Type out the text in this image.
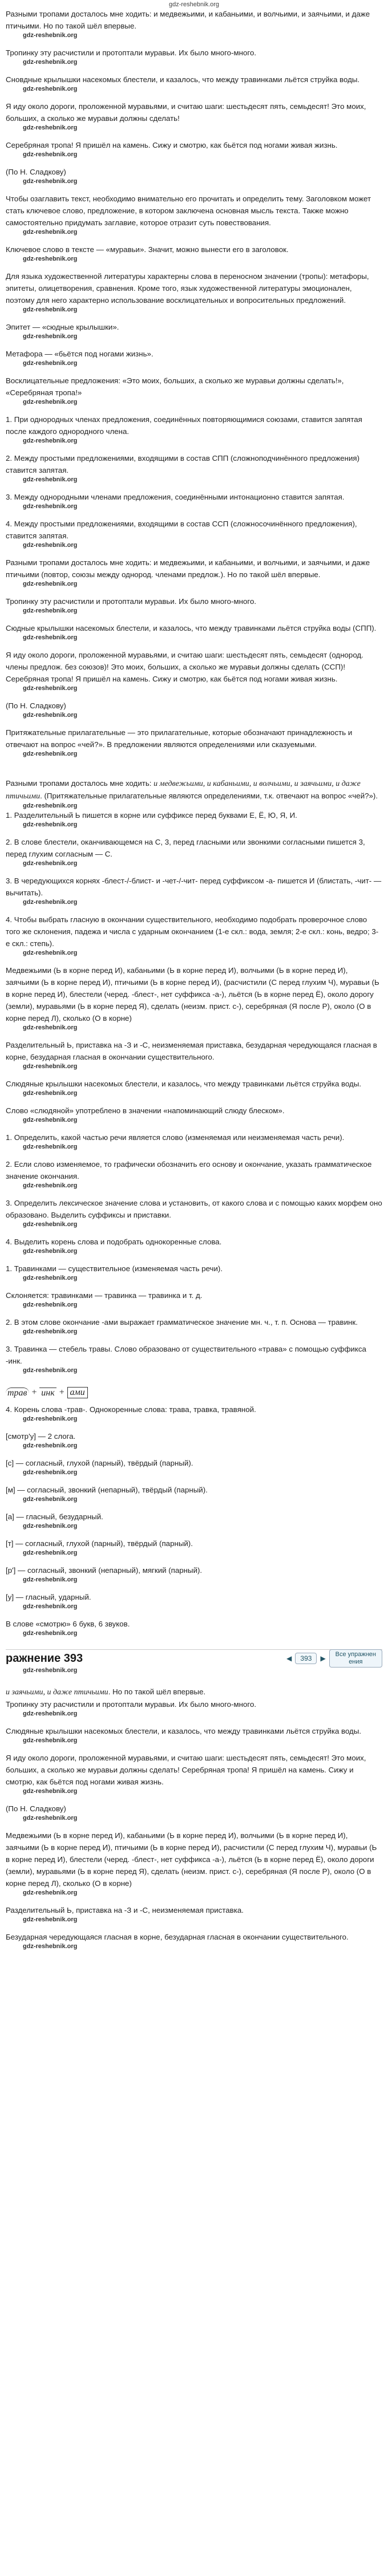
gdz-reshebnik.org

Разными тропами досталось мне ходить: и медвежьими, и кабаньими, и волчьими, и заячьими, и даже птичьими. Но по такой шёл впервые.

gdz-reshebnik.org

Тропинку эту расчистили и протоптали муравьи. Их было много-много.

gdz-reshebnik.org

Сновдные крылышки насекомых блестели, и казалось, что между травинками льётся струйка воды.

gdz-reshebnik.org

Я иду около дороги, проложенной муравьями, и считаю шаги: шестьдесят пять, семьдесят! Это моих, больших, а сколько же муравьи должны сделать!

gdz-reshebnik.org

Серебряная тропа! Я пришёл на камень. Сижу и смотрю, как бьётся под ногами живая жизнь.

gdz-reshebnik.org

(По Н. Сладкову)

gdz-reshebnik.org

Чтобы озаглавить текст, необходимо внимательно его прочитать и определить тему. Заголовком может стать ключевое слово, предложение, в котором заключена основная мысль текста. Также можно самостоятельно придумать заглавие, которое отразит суть повествования.

gdz-reshebnik.org

Ключевое слово в тексте — «муравьи». Значит, можно вынести его в заголовок.

gdz-reshebnik.org

Для языка художественной литературы характерны слова в переносном значении (тропы): метафоры, эпитеты, олицетворения, сравнения. Кроме того, язык художественной литературы эмоционален, поэтому для него характерно использование восклицательных и вопросительных предложений.

gdz-reshebnik.org

Эпитет — «сюдные крылышки».

gdz-reshebnik.org

Метафора — «бьётся под ногами жизнь».

gdz-reshebnik.org

Восклицательные предложения: «Это моих, больших, а сколько же муравьи должны сделать!», «Серебряная тропа!»

gdz-reshebnik.org

1. При однородных членах предложения, соединённых повторяющимися союзами, ставится запятая после каждого однородного члена.

gdz-reshebnik.org

2. Между простыми предложениями, входящими в состав СПП (сложноподчинённого предложения) ставится запятая.

gdz-reshebnik.org

3. Между однородными членами предложения, соединёнными интонационно ставится запятая.

gdz-reshebnik.org

4. Между простыми предложениями, входящими в состав ССП (сложносочинённого предложения), ставится запятая.

gdz-reshebnik.org

Разными тропами досталось мне ходить: и медвежьими, и кабаньими, и волчьими, и заячьими, и даже птичьими (повтор, союзы между однород. членами предлож.). Но по такой шёл впервые.

gdz-reshebnik.org

Тропинку эту расчистили и протоптали муравьи. Их было много-много.

gdz-reshebnik.org

Сюдные крылышки насекомых блестели, и казалось, что между травинками льётся струйка воды (СПП).

gdz-reshebnik.org

Я иду около дороги, проложенной муравьями, и считаю шаги: шестьдесят пять, семьдесят (однород. члены предлож. без союзов)! Это моих, больших, а сколько же муравьи должны сделать (ССП)! Серебряная тропа! Я пришёл на камень. Сижу и смотрю, как бьётся под ногами живая жизнь.

gdz-reshebnik.org

(По Н. Сладкову)

gdz-reshebnik.org

Притяжательные прилагательные — это прилагательные, которые обозначают принадлежность и отвечают на вопрос «чей?». В предложении являются определениями или сказуемыми.

gdz-reshebnik.org

Разными тропами досталось мне ходить: и медвежьими, и кабаньими, и волчьими, и заячьими, и даже птичьими. (Притяжательные прилагательные являются определениями, т.к. отвечают на вопрос «чей?»).

gdz-reshebnik.org

1. Разделительный Ь пишется в корне или суффиксе перед буквами Е, Ё, Ю, Я, И.

gdz-reshebnik.org

2. В слове блестели, оканчивающемся на С, 3, перед гласными или звонкими согласными пишется 3, перед глухим согласным — С.

gdz-reshebnik.org

3. В чередующихся корнях -блест-/-блист- и -чет-/-чит- перед суффиксом -а- пишется И (блистать, -чит- — вычитать).

gdz-reshebnik.org

4. Чтобы выбрать гласную в окончании существительного, необходимо подобрать проверочное слово того же склонения, падежа и числа с ударным окончанием (1-е скл.: вода, земля; 2-е скл.: конь, ведро; 3-е скл.: степь).

gdz-reshebnik.org

Медвежьими (Ь в корне перед И), кабаньими (Ь в корне перед И), волчьими (Ь в корне перед И), заячьими (Ь в корне перед И), птичьими (Ь в корне перед И), (расчистили (С перед глухим Ч), муравьи (Ь в корне перед И), блестели (черед. -блест-, нет суффикса -а-), льётся (Ь в корне перед Ё), около дорогу (земли), муравьями (Ь в корне перед Я), сделать (неизм. прист. с-), серебряная (Я после Р), около (О в корне перед Л), сколько (О в корне)

gdz-reshebnik.org

Разделительный Ь, приставка на -З и -С, неизменяемая приставка, безударная чередующаяся гласная в корне, безударная гласная в окончании существительного.

gdz-reshebnik.org

Слюдяные крылышки насекомых блестели, и казалось, что между травинками льётся струйка воды.

gdz-reshebnik.org

Слово «слюдяной» употреблено в значении «напоминающий слюду блеском».

gdz-reshebnik.org

1. Определить, какой частью речи является слово (изменяемая или неизменяемая часть речи).

gdz-reshebnik.org

2. Если слово изменяемое, то графически обозначить его основу и окончание, указать грамматическое значение окончания.

gdz-reshebnik.org

3. Определить лексическое значение слова и установить, от какого слова и с помощью каких морфем оно образовано. Выделить суффиксы и приставки.

gdz-reshebnik.org

4. Выделить корень слова и подобрать однокоренные слова.

gdz-reshebnik.org

1. Травинками — существительное (изменяемая часть речи).

gdz-reshebnik.org

Склоняется: травинками — травинка — травинка и т. д.

gdz-reshebnik.org

2. В этом слове окончание -ами выражает грамматическое значение мн. ч., т. п. Основа — травинк.

gdz-reshebnik.org

3. Травинка — стебель травы. Слово образовано от существительного «трава» с помощью суффикса -инк.

gdz-reshebnik.org
трав + инк + ами

4. Корень слова -трав-. Однокоренные слова: трава, травка, травяной.

gdz-reshebnik.org

[смотр'у] — 2 слога.

gdz-reshebnik.org

[с] — согласный, глухой (парный), твёрдый (парный).

gdz-reshebnik.org

[м] — согласный, звонкий (непарный), твёрдый (парный).

gdz-reshebnik.org

[а] — гласный, безударный.

gdz-reshebnik.org

[т] — согласный, глухой (парный), твёрдый (парный).

gdz-reshebnik.org

[р'] — согласный, звонкий (непарный), мягкий (парный).

gdz-reshebnik.org

[у] — гласный, ударный.

gdz-reshebnik.org

В слове «смотрю» 6 букв, 6 звуков.

gdz-reshebnik.org
ражнение 393	◀	393	▶	Все упражнен
ения
gdz-reshebnik.org

и заячьими, и даже птичьими. Но по такой шёл впервые.

Тропинку эту расчистили и протоптали муравьи. Их было много-много.

gdz-reshebnik.org

Слюдяные крылышки насекомых блестели, и казалось, что между травинками льётся струйка воды.

gdz-reshebnik.org

Я иду около дороги, проложенной муравьями, и считаю шаги: шестьдесят пять, семьдесят! Это моих, больших, а сколько же муравьи должны сделать! Серебряная тропа! Я пришёл на камень. Сижу и смотрю, как бьётся под ногами живая жизнь.

gdz-reshebnik.org

(По Н. Сладкову)

gdz-reshebnik.org

Медвежьими (Ь в корне перед И), кабаньими (Ь в корне перед И), волчьими (Ь в корне перед И), заячьими (Ь в корне перед И), птичьими (Ь в корне перед И), расчистили (С перед глухим Ч), муравьи (Ь в корне перед И), блестели (черед. -блест-, нет суффикса -а-), льётся (Ь в корне перед Ё), около дороги (земли), муравьями (Ь в корне перед Я), сделать (неизм. прист. с-), серебряная (Я после Р), около (О в корне перед Л), сколько (О в корне)

gdz-reshebnik.org

Разделительный Ь, приставка на -З и -С, неизменяемая приставка.

gdz-reshebnik.org

Безударная чередующаяся гласная в корне, безударная гласная в окончании существительного.

gdz-reshebnik.org
